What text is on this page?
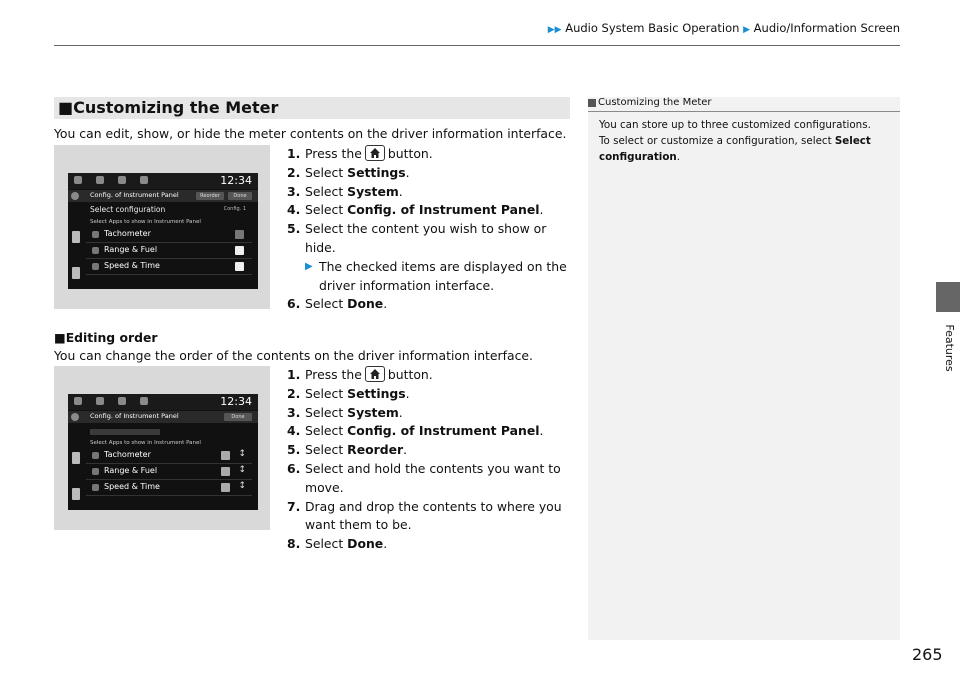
▶▶ Audio System Basic Operation ▶ Audio/Information Screen
Features
265
■Customizing the Meter
You can edit, show, or hide the meter contents on the driver information interface.
12:34
Config. of Instrument Panel	Reorder	Done
Select configuration	Config. 1
Select Apps to show in Instrument Panel
Tachometer
Range & Fuel
Speed & Time
1. Press the button.
2. Select Settings.
3. Select System.
4. Select Config. of Instrument Panel.
5. Select the content you wish to show or
hide.
▶ The checked items are displayed on the
driver information interface.
6. Select Done.
■Editing order
You can change the order of the contents on the driver information interface.
12:34
Config. of Instrument Panel	Done
Select Apps to show in Instrument Panel
Tachometer	↕
Range & Fuel	↕
Speed & Time	↕
1. Press the button.
2. Select Settings.
3. Select System.
4. Select Config. of Instrument Panel.
5. Select Reorder.
6. Select and hold the contents you want to
move.
7. Drag and drop the contents to where you
want them to be.
8. Select Done.
Customizing the Meter
You can store up to three customized configurations.
To select or customize a configuration, select Select
configuration.
